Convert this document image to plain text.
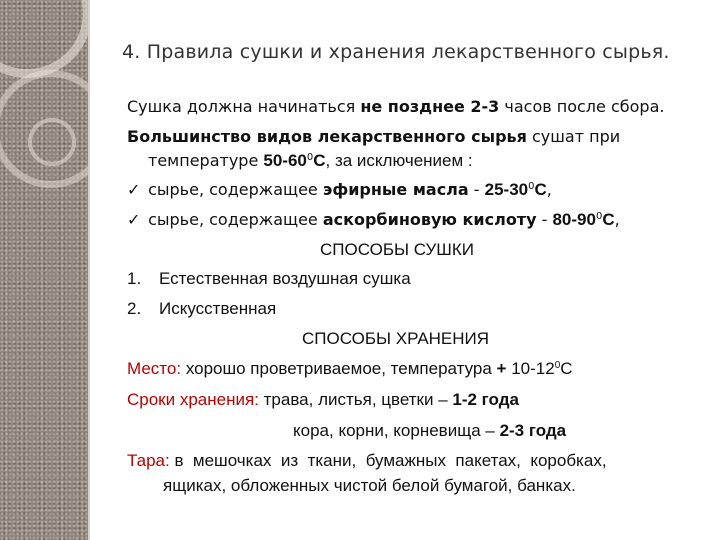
4. Правила сушки и хранения лекарственного сырья.
Сушка должна начинаться не позднее 2-3 часов после сбора.
Большинство видов лекарственного сырья сушат при
температуре $50-60^0С$, за исключением :
✓ сырье, содержащее эфирные масла - $25-30^0С$,
✓ сырье, содержащее аскорбиновую кислоту - $80-90^0С$,
СПОСОБЫ СУШКИ
1. Естественная воздушная сушка
2. Искусственная
СПОСОБЫ ХРАНЕНИЯ
Место: хорошо проветриваемое, температура + $10-12^0С$
Сроки хранения: трава, листья, цветки – 1-2 года
кора, корни, корневища – 2-3 года
Тара: в  мешочках  из  ткани,  бумажных  пакетах,  коробках,
ящиках, обложенных чистой белой бумагой, банках.
